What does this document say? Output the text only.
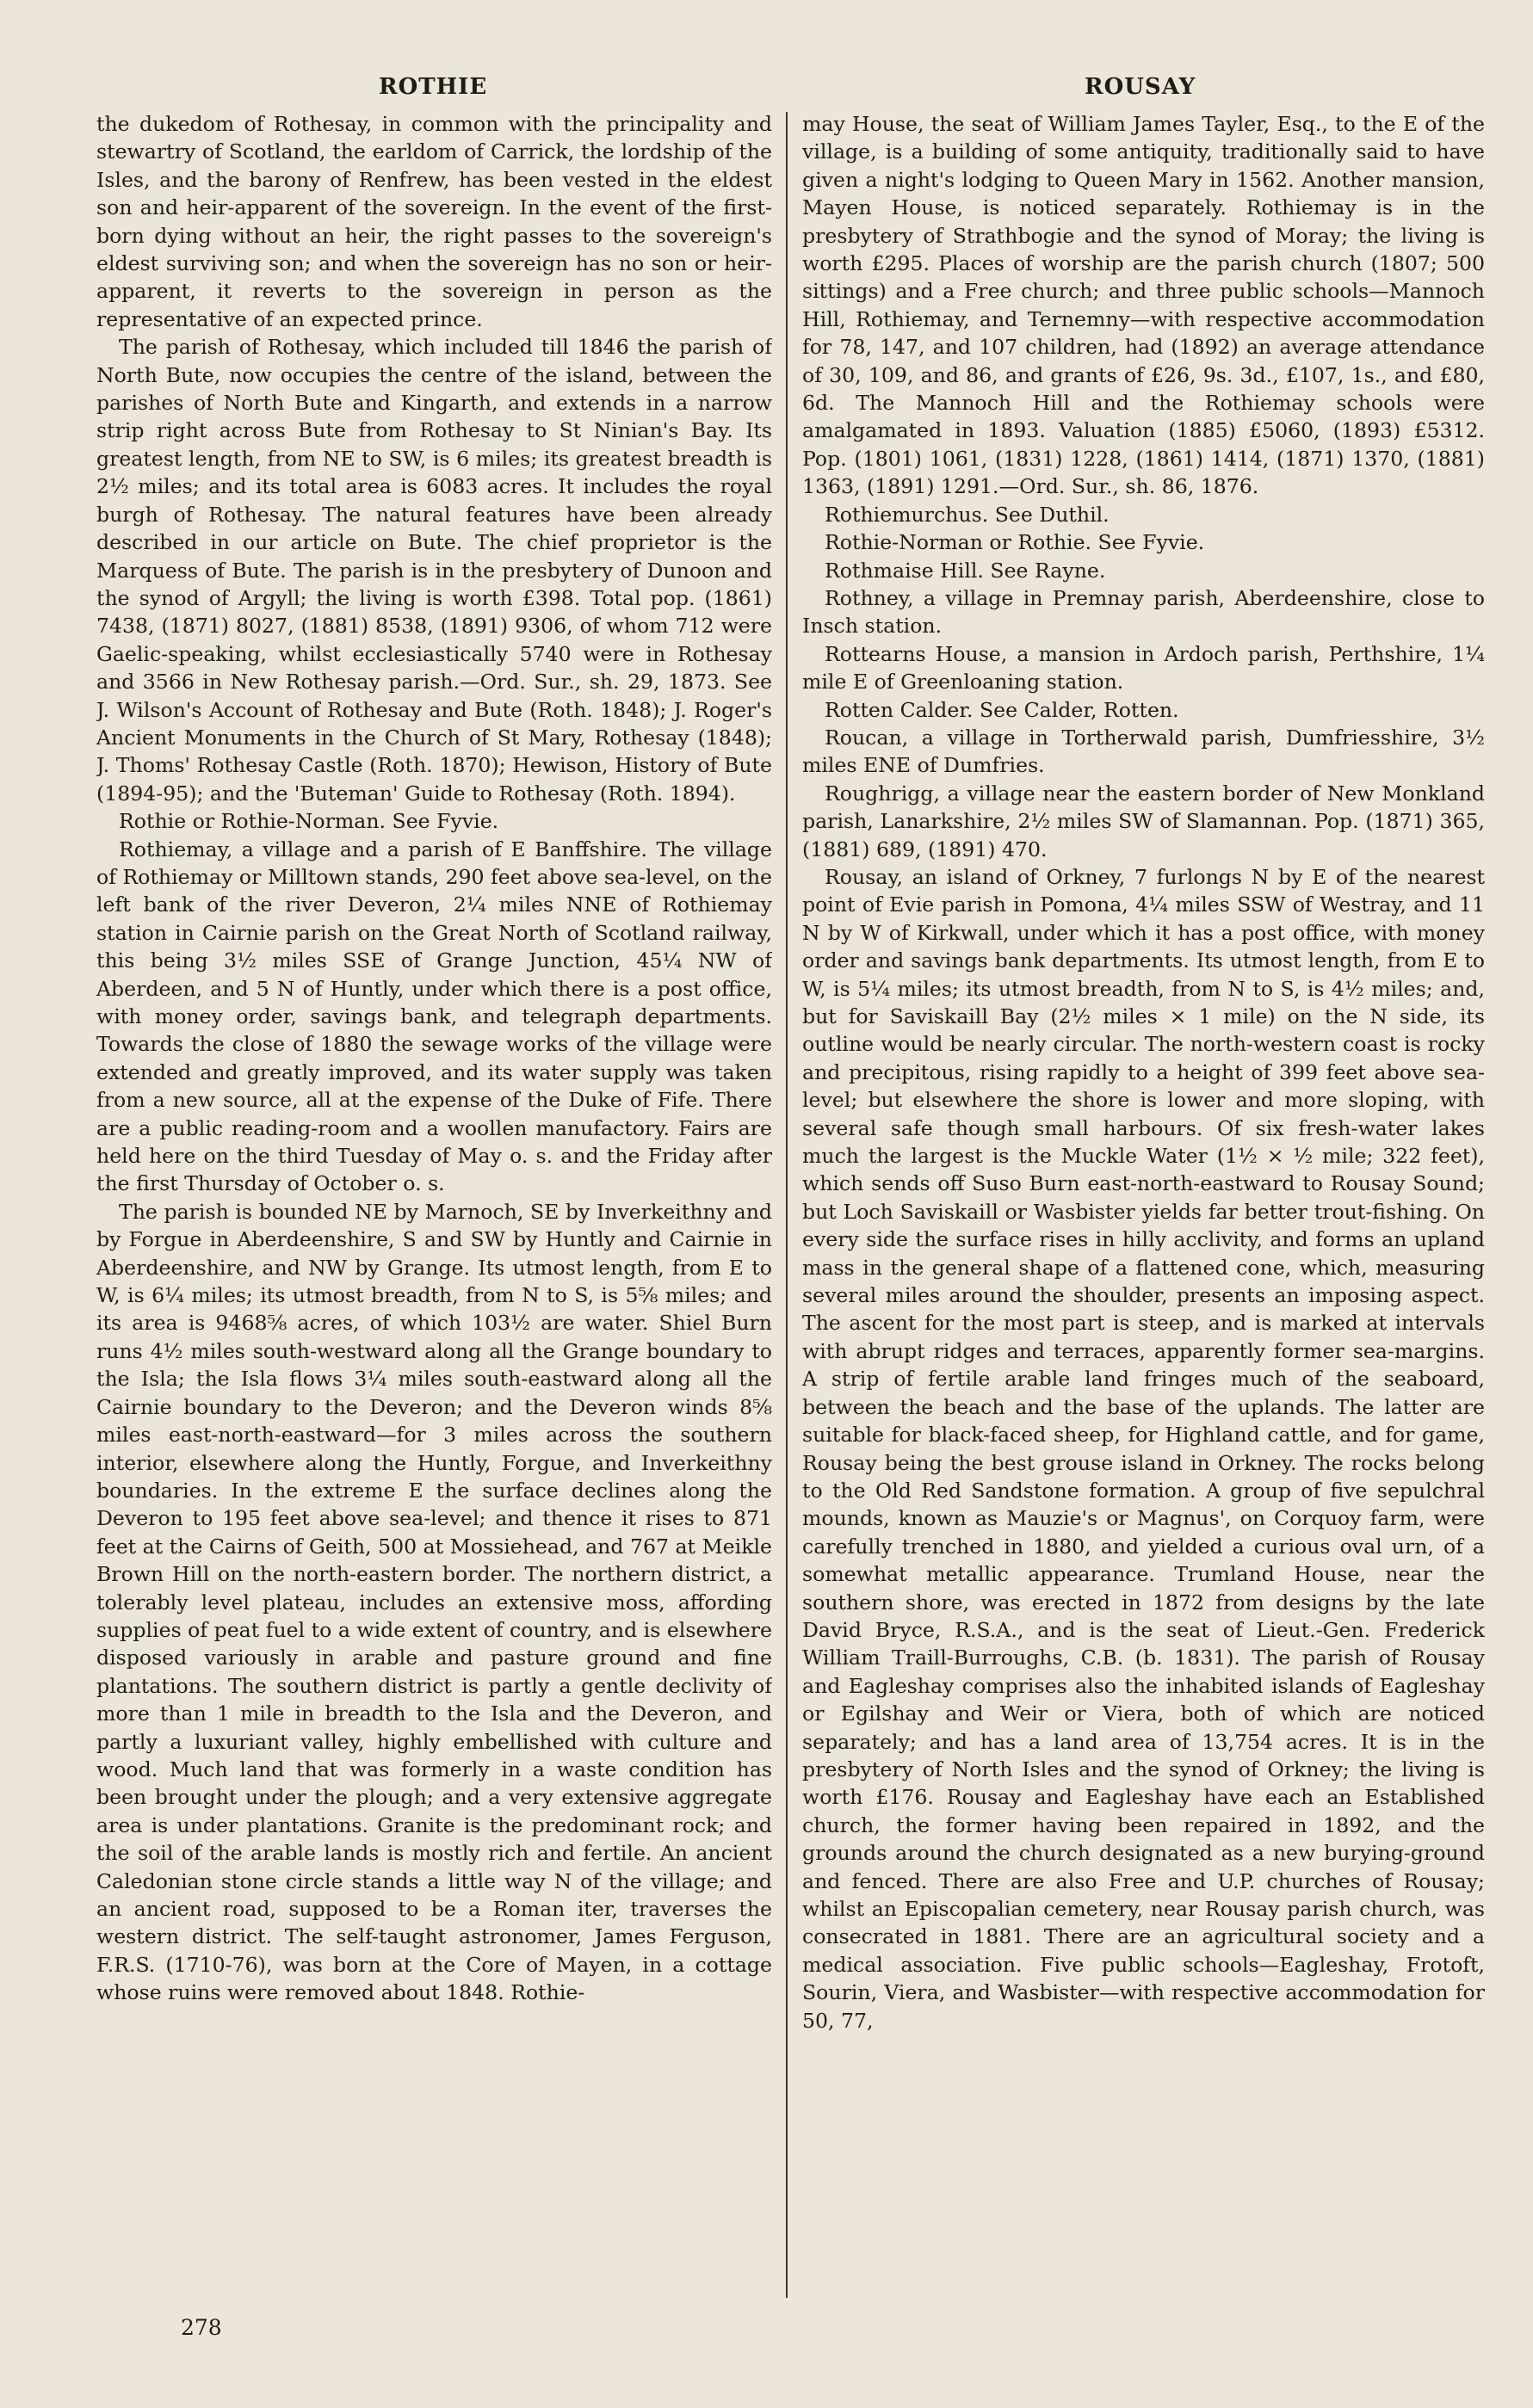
ROTHIE	ROUSAY

the dukedom of Rothesay, in common with the principality and stewartry of Scotland, the earldom of Carrick, the lordship of the Isles, and the barony of Renfrew, has been vested in the eldest son and heir-apparent of the sovereign. In the event of the first-born dying without an heir, the right passes to the sovereign's eldest surviving son; and when the sovereign has no son or heir-apparent, it reverts to the sovereign in person as the representative of an expected prince.

The parish of Rothesay, which included till 1846 the parish of North Bute, now occupies the centre of the island, between the parishes of North Bute and Kingarth, and extends in a narrow strip right across Bute from Rothesay to St Ninian's Bay. Its greatest length, from NE to SW, is 6 miles; its greatest breadth is 2½ miles; and its total area is 6083 acres. It includes the royal burgh of Rothesay. The natural features have been already described in our article on Bute. The chief proprietor is the Marquess of Bute. The parish is in the presbytery of Dunoon and the synod of Argyll; the living is worth £398. Total pop. (1861) 7438, (1871) 8027, (1881) 8538, (1891) 9306, of whom 712 were Gaelic-speaking, whilst ecclesiastically 5740 were in Rothesay and 3566 in New Rothesay parish.—Ord. Sur., sh. 29, 1873. See J. Wilson's Account of Rothesay and Bute (Roth. 1848); J. Roger's Ancient Monuments in the Church of St Mary, Rothesay (1848); J. Thoms' Rothesay Castle (Roth. 1870); Hewison, History of Bute (1894-95); and the 'Buteman' Guide to Rothesay (Roth. 1894).

Rothie or Rothie-Norman. See Fyvie.

Rothiemay, a village and a parish of E Banffshire. The village of Rothiemay or Milltown stands, 290 feet above sea-level, on the left bank of the river Deveron, 2¼ miles NNE of Rothiemay station in Cairnie parish on the Great North of Scotland railway, this being 3½ miles SSE of Grange Junction, 45¼ NW of Aberdeen, and 5 N of Huntly, under which there is a post office, with money order, savings bank, and telegraph departments. Towards the close of 1880 the sewage works of the village were extended and greatly improved, and its water supply was taken from a new source, all at the expense of the Duke of Fife. There are a public reading-room and a woollen manufactory. Fairs are held here on the third Tuesday of May o. s. and the Friday after the first Thursday of October o. s.

The parish is bounded NE by Marnoch, SE by Inverkeithny and by Forgue in Aberdeenshire, S and SW by Huntly and Cairnie in Aberdeenshire, and NW by Grange. Its utmost length, from E to W, is 6¼ miles; its utmost breadth, from N to S, is 5⅝ miles; and its area is 9468⅝ acres, of which 103½ are water. Shiel Burn runs 4½ miles south-westward along all the Grange boundary to the Isla; the Isla flows 3¼ miles south-eastward along all the Cairnie boundary to the Deveron; and the Deveron winds 8⅝ miles east-north-eastward—for 3 miles across the southern interior, elsewhere along the Huntly, Forgue, and Inverkeithny boundaries. In the extreme E the surface declines along the Deveron to 195 feet above sea-level; and thence it rises to 871 feet at the Cairns of Geith, 500 at Mossiehead, and 767 at Meikle Brown Hill on the north-eastern border. The northern district, a tolerably level plateau, includes an extensive moss, affording supplies of peat fuel to a wide extent of country, and is elsewhere disposed variously in arable and pasture ground and fine plantations. The southern district is partly a gentle declivity of more than 1 mile in breadth to the Isla and the Deveron, and partly a luxuriant valley, highly embellished with culture and wood. Much land that was formerly in a waste condition has been brought under the plough; and a very extensive aggregate area is under plantations. Granite is the predominant rock; and the soil of the arable lands is mostly rich and fertile. An ancient Caledonian stone circle stands a little way N of the village; and an ancient road, supposed to be a Roman iter, traverses the western district. The self-taught astronomer, James Ferguson, F.R.S. (1710-76), was born at the Core of Mayen, in a cottage whose ruins were removed about 1848. Rothie-

may House, the seat of William James Tayler, Esq., to the E of the village, is a building of some antiquity, traditionally said to have given a night's lodging to Queen Mary in 1562. Another mansion, Mayen House, is noticed separately. Rothiemay is in the presbytery of Strathbogie and the synod of Moray; the living is worth £295. Places of worship are the parish church (1807; 500 sittings) and a Free church; and three public schools—Mannoch Hill, Rothiemay, and Ternemny—with respective accommodation for 78, 147, and 107 children, had (1892) an average attendance of 30, 109, and 86, and grants of £26, 9s. 3d., £107, 1s., and £80, 6d. The Mannoch Hill and the Rothiemay schools were amalgamated in 1893. Valuation (1885) £5060, (1893) £5312. Pop. (1801) 1061, (1831) 1228, (1861) 1414, (1871) 1370, (1881) 1363, (1891) 1291.—Ord. Sur., sh. 86, 1876.

Rothiemurchus. See Duthil.

Rothie-Norman or Rothie. See Fyvie.

Rothmaise Hill. See Rayne.

Rothney, a village in Premnay parish, Aberdeenshire, close to Insch station.

Rottearns House, a mansion in Ardoch parish, Perthshire, 1¼ mile E of Greenloaning station.

Rotten Calder. See Calder, Rotten.

Roucan, a village in Tortherwald parish, Dumfriesshire, 3½ miles ENE of Dumfries.

Roughrigg, a village near the eastern border of New Monkland parish, Lanarkshire, 2½ miles SW of Slamannan. Pop. (1871) 365, (1881) 689, (1891) 470.

Rousay, an island of Orkney, 7 furlongs N by E of the nearest point of Evie parish in Pomona, 4¼ miles SSW of Westray, and 11 N by W of Kirkwall, under which it has a post office, with money order and savings bank departments. Its utmost length, from E to W, is 5¼ miles; its utmost breadth, from N to S, is 4½ miles; and, but for Saviskaill Bay (2½ miles × 1 mile) on the N side, its outline would be nearly circular. The north-western coast is rocky and precipitous, rising rapidly to a height of 399 feet above sea-level; but elsewhere the shore is lower and more sloping, with several safe though small harbours. Of six fresh-water lakes much the largest is the Muckle Water (1½ × ½ mile; 322 feet), which sends off Suso Burn east-north-eastward to Rousay Sound; but Loch Saviskaill or Wasbister yields far better trout-fishing. On every side the surface rises in hilly acclivity, and forms an upland mass in the general shape of a flattened cone, which, measuring several miles around the shoulder, presents an imposing aspect. The ascent for the most part is steep, and is marked at intervals with abrupt ridges and terraces, apparently former sea-margins. A strip of fertile arable land fringes much of the seaboard, between the beach and the base of the uplands. The latter are suitable for black-faced sheep, for Highland cattle, and for game, Rousay being the best grouse island in Orkney. The rocks belong to the Old Red Sandstone formation. A group of five sepulchral mounds, known as Mauzie's or Magnus', on Corquoy farm, were carefully trenched in 1880, and yielded a curious oval urn, of a somewhat metallic appearance. Trumland House, near the southern shore, was erected in 1872 from designs by the late David Bryce, R.S.A., and is the seat of Lieut.-Gen. Frederick William Traill-Burroughs, C.B. (b. 1831). The parish of Rousay and Eagleshay comprises also the inhabited islands of Eagleshay or Egilshay and Weir or Viera, both of which are noticed separately; and has a land area of 13,754 acres. It is in the presbytery of North Isles and the synod of Orkney; the living is worth £176. Rousay and Eagleshay have each an Established church, the former having been repaired in 1892, and the grounds around the church designated as a new burying-ground and fenced. There are also Free and U.P. churches of Rousay; whilst an Episcopalian cemetery, near Rousay parish church, was consecrated in 1881. There are an agricultural society and a medical association. Five public schools—Eagleshay, Frotoft, Sourin, Viera, and Wasbister—with respective accommodation for 50, 77,

278
